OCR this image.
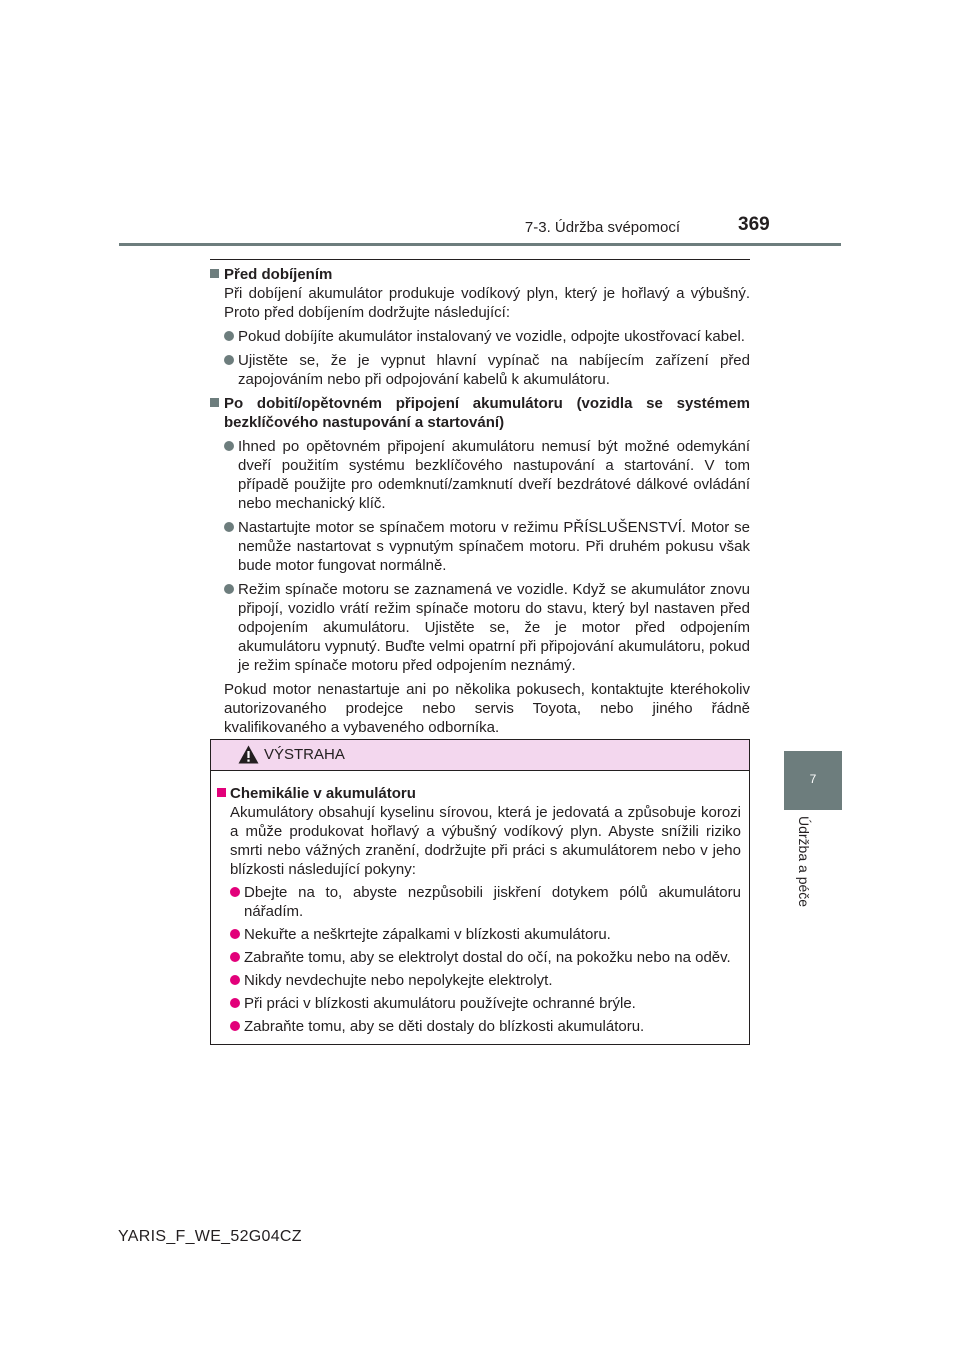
7-3. Údržba svépomocí	369
7
Údržba a péče
Před dobíjením
Při dobíjení akumulátor produkuje vodíkový plyn, který je hořlavý a výbušný. Proto před dobíjením dodržujte následující:
Pokud dobíjíte akumulátor instalovaný ve vozidle, odpojte ukostřovací kabel.
Ujistěte se, že je vypnut hlavní vypínač na nabíjecím zařízení před zapojováním nebo při odpojování kabelů k akumulátoru.
Po dobití/opětovném připojení akumulátoru (vozidla se systémem bezklíčového nastupování a startování)
Ihned po opětovném připojení akumulátoru nemusí být možné odemykání dveří použitím systému bezklíčového nastupování a startování. V tom případě použijte pro odemknutí/zamknutí dveří bezdrátové dálkové ovládání nebo mechanický klíč.
Nastartujte motor se spínačem motoru v režimu PŘÍSLUŠENSTVÍ. Motor se nemůže nastartovat s vypnutým spínačem motoru. Při druhém pokusu však bude motor fungovat normálně.
Režim spínače motoru se zaznamená ve vozidle. Když se akumulátor znovu připojí, vozidlo vrátí režim spínače motoru do stavu, který byl nastaven před odpojením akumulátoru. Ujistěte se, že je motor před odpojením akumulátoru vypnutý. Buďte velmi opatrní při připojování akumulátoru, pokud je režim spínače motoru před odpojením neznámý.
Pokud motor nenastartuje ani po několika pokusech, kontaktujte kteréhokoliv autorizovaného prodejce nebo servis Toyota, nebo jiného řádně kvalifikovaného a vybaveného odborníka.
VÝSTRAHA
Chemikálie v akumulátoru
Akumulátory obsahují kyselinu sírovou, která je jedovatá a způsobuje korozi a může produkovat hořlavý a výbušný vodíkový plyn. Abyste snížili riziko smrti nebo vážných zranění, dodržujte při práci s akumulátorem nebo v jeho blízkosti následující pokyny:
Dbejte na to, abyste nezpůsobili jiskření dotykem pólů akumulátoru nářadím.
Nekuřte a neškrtejte zápalkami v blízkosti akumulátoru.
Zabraňte tomu, aby se elektrolyt dostal do očí, na pokožku nebo na oděv.
Nikdy nevdechujte nebo nepolykejte elektrolyt.
Při práci v blízkosti akumulátoru používejte ochranné brýle.
Zabraňte tomu, aby se děti dostaly do blízkosti akumulátoru.
YARIS_F_WE_52G04CZ
